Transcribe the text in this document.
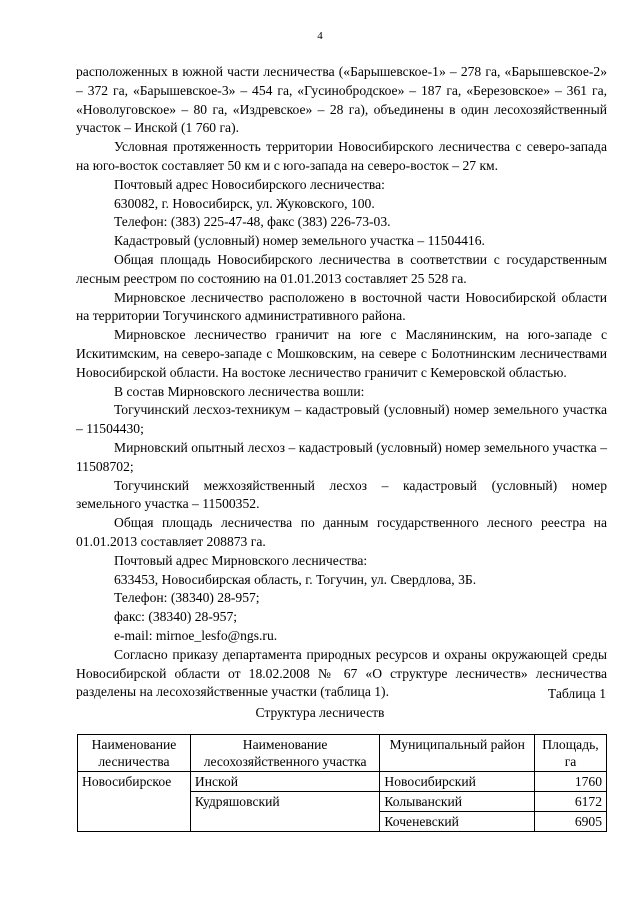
4

расположенных в южной части лесничества («Барышевское-1» – 278 га, «Барышевское-2» – 372 га, «Барышевское-3» – 454 га, «Гусинобродское» – 187 га, «Березовское» – 361 га, «Новолуговское» – 80 га, «Издревское» – 28 га), объединены в один лесохозяйственный участок – Инской (1 760 га).

Условная протяженность территории Новосибирского лесничества с северо-запада на юго-восток составляет 50 км и с юго-запада на северо-восток – 27 км.

Почтовый адрес Новосибирского лесничества:

630082, г. Новосибирск, ул. Жуковского, 100.

Телефон: (383) 225-47-48, факс (383) 226-73-03.

Кадастровый (условный) номер земельного участка – 11504416.

Общая площадь Новосибирского лесничества в соответствии с государственным лесным реестром по состоянию на 01.01.2013 составляет 25 528 га.

Мирновское лесничество расположено в восточной части Новосибирской области на территории Тогучинского административного района.

Мирновское лесничество граничит на юге с Маслянинским, на юго-западе с Искитимским, на северо-западе с Мошковским, на севере с Болотнинским лесничествами Новосибирской области. На востоке лесничество граничит с Кемеровской областью.

В состав Мирновского лесничества вошли:

Тогучинский лесхоз-техникум – кадастровый (условный) номер земельного участка – 11504430;

Мирновский опытный лесхоз – кадастровый (условный) номер земельного участка – 11508702;

Тогучинский межхозяйственный лесхоз – кадастровый (условный) номер земельного участка – 11500352.

Общая площадь лесничества по данным государственного лесного реестра на 01.01.2013 составляет 208873 га.

Почтовый адрес Мирновского лесничества:

633453, Новосибирская область, г. Тогучин, ул. Свердлова, 3Б.

Телефон: (38340) 28-957;

факс: (38340) 28-957;

e-mail: mirnoe_lesfo@ngs.ru.

Согласно приказу департамента природных ресурсов и охраны окружающей среды Новосибирской области от 18.02.2008 № 67 «О структуре лесничеств» лесничества разделены на лесохозяйственные участки (таблица 1).	Таблица 1
Структура лесничеств
Наименование лесничества	Наименование лесохозяйственного участка	Муниципальный район	Площадь, га
Новосибирское	Инской	Новосибирский	1760
	Кудряшовский	Колыванский	6172
		Коченевский	6905
